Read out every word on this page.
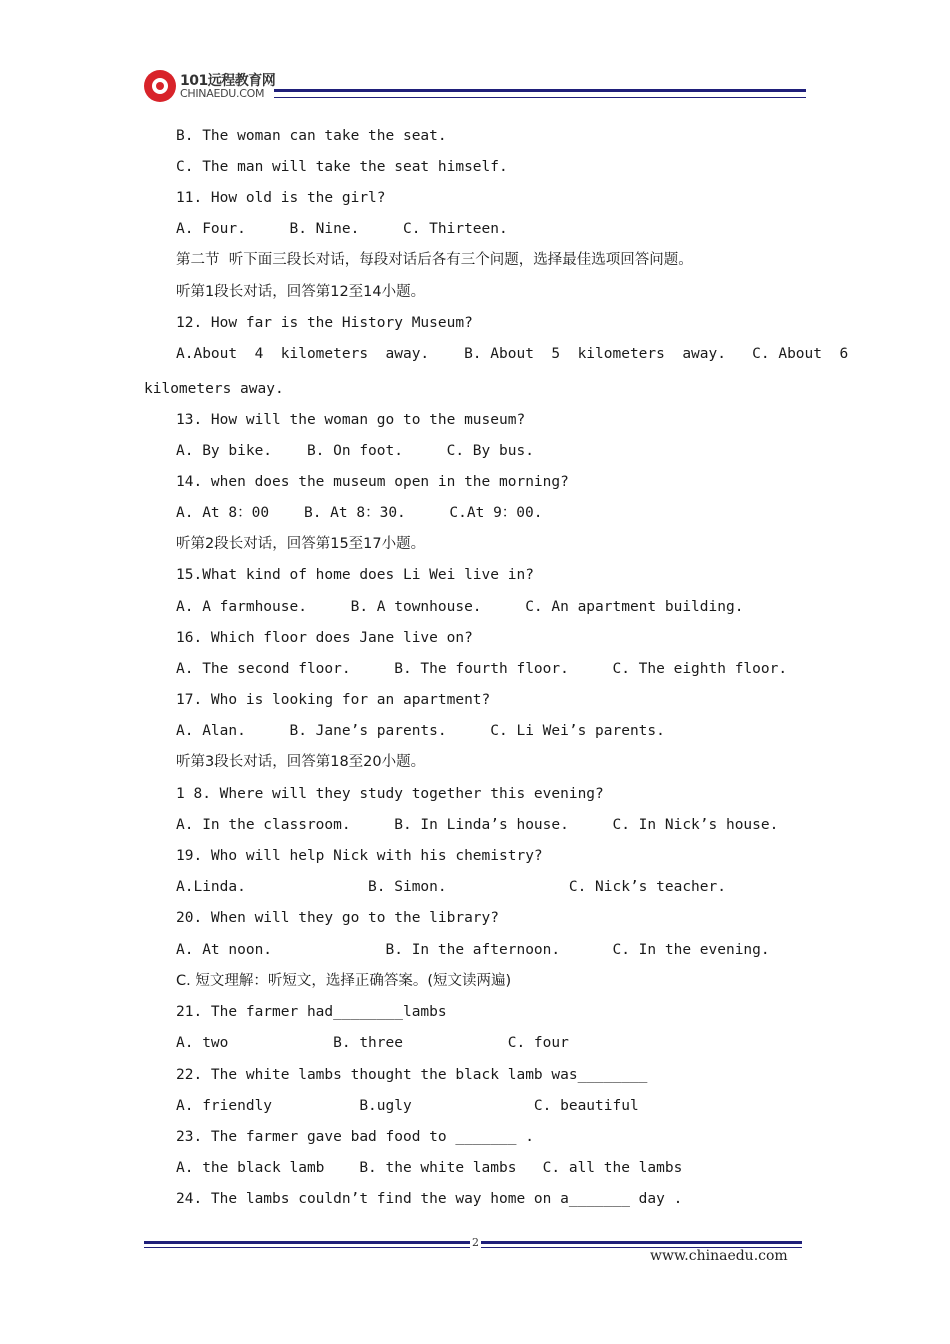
101远程教育网
CHINAEDU.COM
B. The woman can take the seat.
C. The man will take the seat himself.
11. How old is the girl?
A. Four.     B. Nine.     C. Thirteen.
第二节  听下面三段长对话，每段对话后各有三个问题，选择最佳选项回答问题。
听第1段长对话，回答第12至14小题。
12. How far is the History Museum?
A.About  4  kilometers  away.    B. About  5  kilometers  away.   C. About  6
kilometers away.
13. How will the woman go to the museum?
A. By bike.    B. On foot.     C. By bus.
14. when does the museum open in the morning?
A. At 8：00    B. At 8：30.     C.At 9：00.
听第2段长对话，回答第15至17小题。
15.What kind of home does Li Wei live in?
A. A farmhouse.     B. A townhouse.     C. An apartment building.
16. Which floor does Jane live on?
A. The second floor.     B. The fourth floor.     C. The eighth floor.
17. Who is looking for an apartment?
A. Alan.     B. Jane’s parents.     C. Li Wei’s parents.
听第3段长对话，回答第18至20小题。
1 8. Where will they study together this evening?
A. In the classroom.     B. In Linda’s house.     C. In Nick’s house.
19. Who will help Nick with his chemistry?
A.Linda.              B. Simon.              C. Nick’s teacher.
20. When will they go to the library?
A. At noon.             B. In the afternoon.      C. In the evening.
C. 短文理解：听短文，选择正确答案。(短文读两遍)
21. The farmer had________lambs
A. two            B. three            C. four
22. The white lambs thought the black lamb was________
A. friendly          B.ugly              C. beautiful
23. The farmer gave bad food to _______ .
A. the black lamb    B. the white lambs   C. all the lambs
24. The lambs couldn’t find the way home on a_______ day .
2
www.chinaedu.com
